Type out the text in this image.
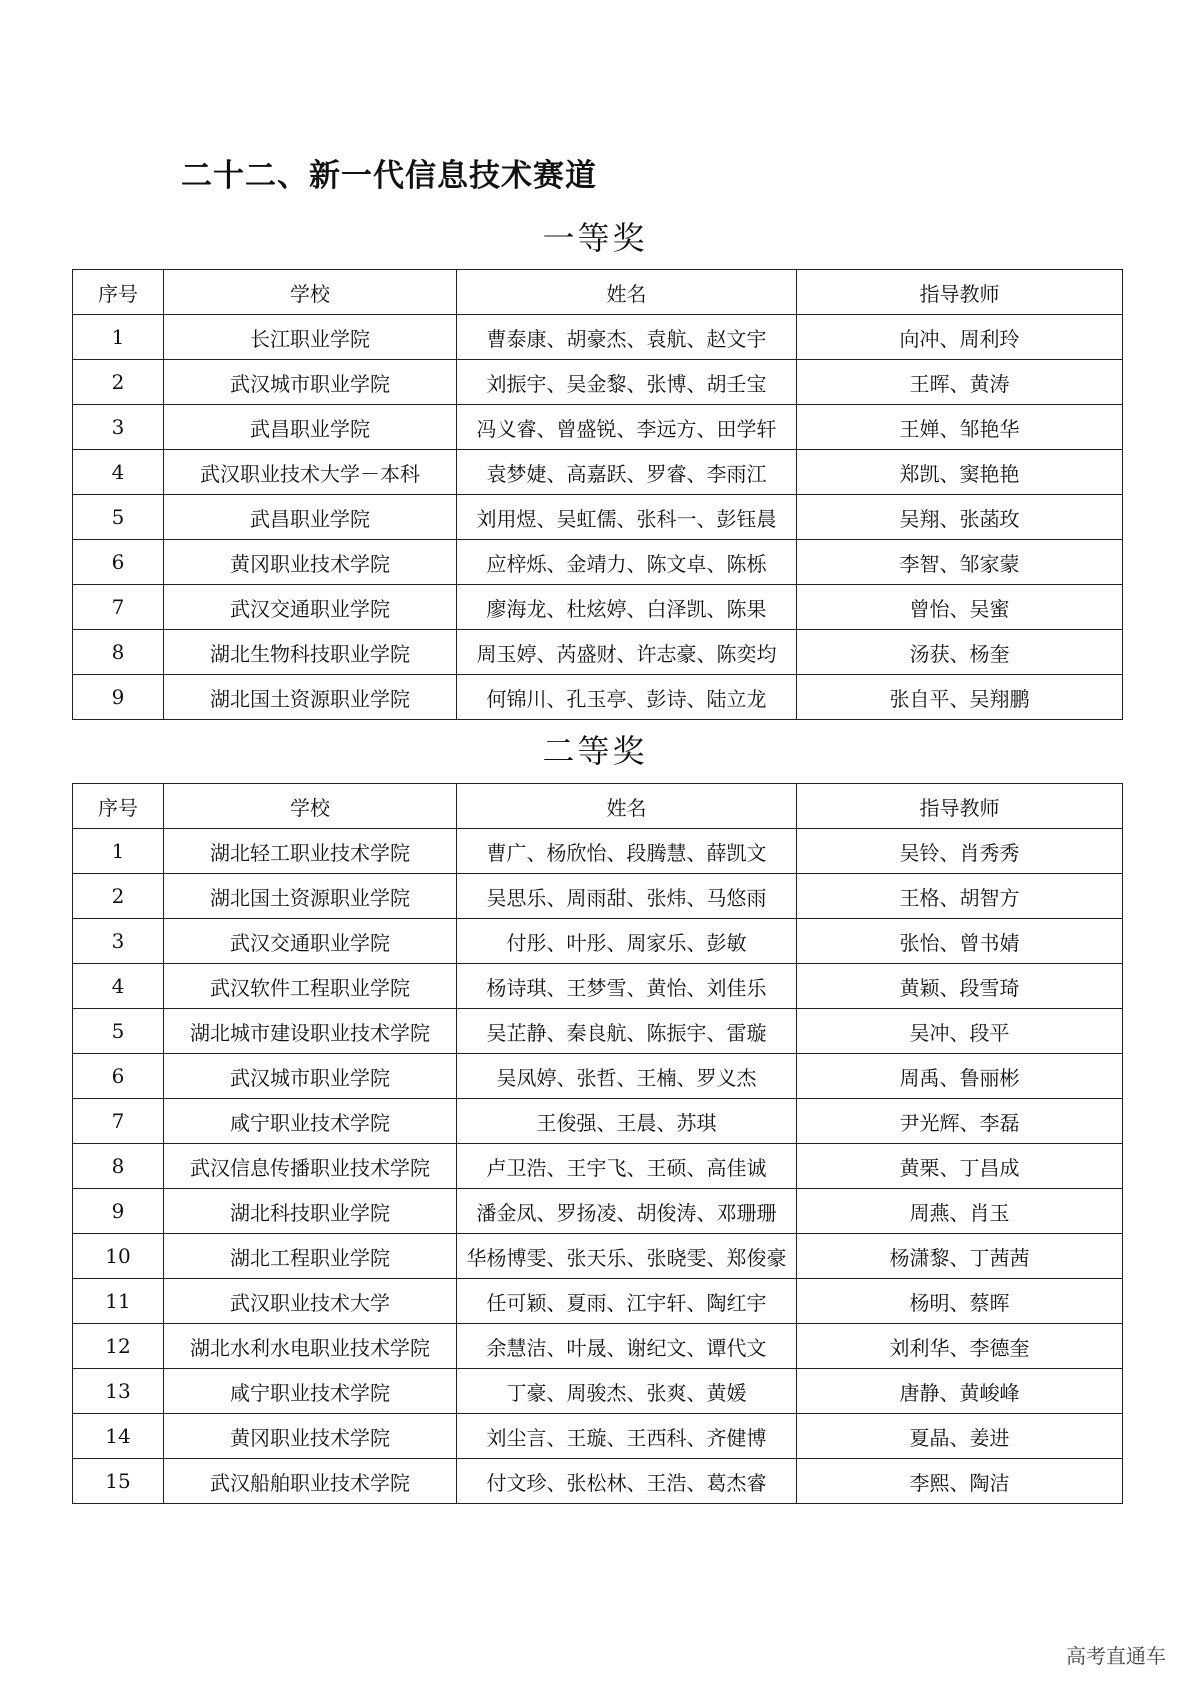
二十二、新一代信息技术赛道
一等奖
序号	学校	姓名	指导教师
1	长江职业学院	曹泰康、胡豪杰、袁航、赵文宇	向冲、周利玲
2	武汉城市职业学院	刘振宇、吴金黎、张博、胡壬宝	王晖、黄涛
3	武昌职业学院	冯义睿、曾盛锐、李远方、田学轩	王婵、邹艳华
4	武汉职业技术大学－本科	袁梦婕、高嘉跃、罗睿、李雨江	郑凯、窦艳艳
5	武昌职业学院	刘用煜、吴虹儒、张科一、彭钰晨	吴翔、张菡玫
6	黄冈职业技术学院	应梓烁、金靖力、陈文卓、陈栎	李智、邹家蒙
7	武汉交通职业学院	廖海龙、杜炫婷、白泽凯、陈果	曾怡、吴蜜
8	湖北生物科技职业学院	周玉婷、芮盛财、许志豪、陈奕均	汤获、杨奎
9	湖北国土资源职业学院	何锦川、孔玉亭、彭诗、陆立龙	张自平、吴翔鹏
二等奖
序号	学校	姓名	指导教师
1	湖北轻工职业技术学院	曹广、杨欣怡、段腾慧、薛凯文	吴铃、肖秀秀
2	湖北国土资源职业学院	吴思乐、周雨甜、张炜、马悠雨	王格、胡智方
3	武汉交通职业学院	付彤、叶彤、周家乐、彭敏	张怡、曾书婧
4	武汉软件工程职业学院	杨诗琪、王梦雪、黄怡、刘佳乐	黄颖、段雪琦
5	湖北城市建设职业技术学院	吴芷静、秦良航、陈振宇、雷璇	吴冲、段平
6	武汉城市职业学院	吴凤婷、张哲、王楠、罗义杰	周禹、鲁丽彬
7	咸宁职业技术学院	王俊强、王晨、苏琪	尹光辉、李磊
8	武汉信息传播职业技术学院	卢卫浩、王宇飞、王硕、高佳诚	黄栗、丁昌成
9	湖北科技职业学院	潘金凤、罗扬凌、胡俊涛、邓珊珊	周燕、肖玉
10	湖北工程职业学院	华杨博雯、张天乐、张晓雯、郑俊豪	杨潇黎、丁茜茜
11	武汉职业技术大学	任可颖、夏雨、江宇轩、陶红宇	杨明、蔡晖
12	湖北水利水电职业技术学院	余慧洁、叶晟、谢纪文、谭代文	刘利华、李德奎
13	咸宁职业技术学院	丁豪、周骏杰、张爽、黄媛	唐静、黄峻峰
14	黄冈职业技术学院	刘尘言、王璇、王西科、齐健博	夏晶、姜进
15	武汉船舶职业技术学院	付文珍、张松林、王浩、葛杰睿	李熙、陶洁
高考直通车
